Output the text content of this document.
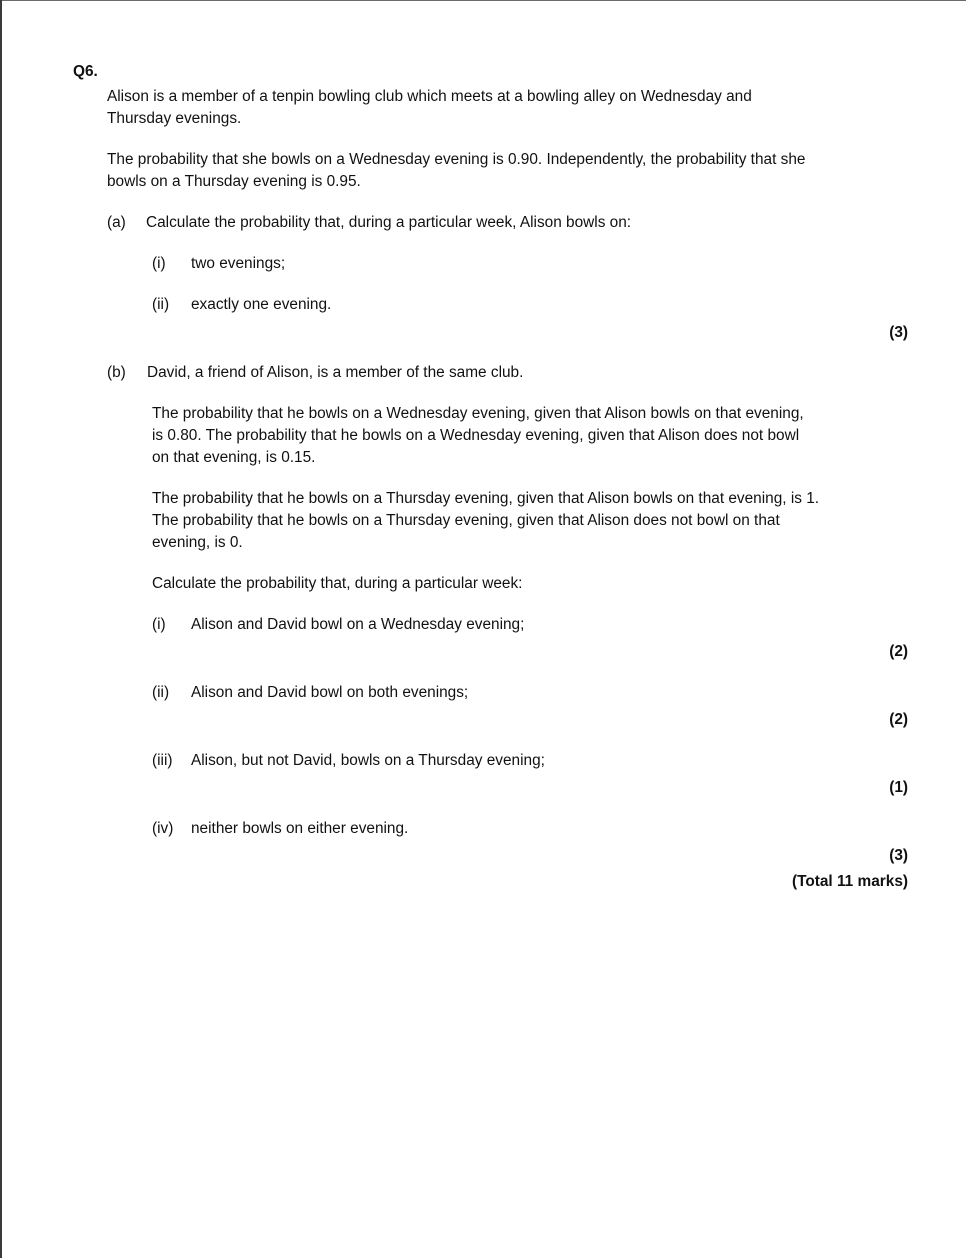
Q6.
Alison is a member of a tenpin bowling club which meets at a bowling alley on Wednesday and
Thursday evenings.
The probability that she bowls on a Wednesday evening is 0.90. Independently, the probability that she
bowls on a Thursday evening is 0.95.
(a) Calculate the probability that, during a particular week, Alison bowls on:
(i) two evenings;
(ii) exactly one evening.
(3)
(b) David, a friend of Alison, is a member of the same club.
The probability that he bowls on a Wednesday evening, given that Alison bowls on that evening,
is 0.80. The probability that he bowls on a Wednesday evening, given that Alison does not bowl
on that evening, is 0.15.
The probability that he bowls on a Thursday evening, given that Alison bowls on that evening, is 1.
The probability that he bowls on a Thursday evening, given that Alison does not bowl on that
evening, is 0.
Calculate the probability that, during a particular week:
(i) Alison and David bowl on a Wednesday evening;
(2)
(ii) Alison and David bowl on both evenings;
(2)
(iii) Alison, but not David, bowls on a Thursday evening;
(1)
(iv) neither bowls on either evening.
(3)
(Total 11 marks)
